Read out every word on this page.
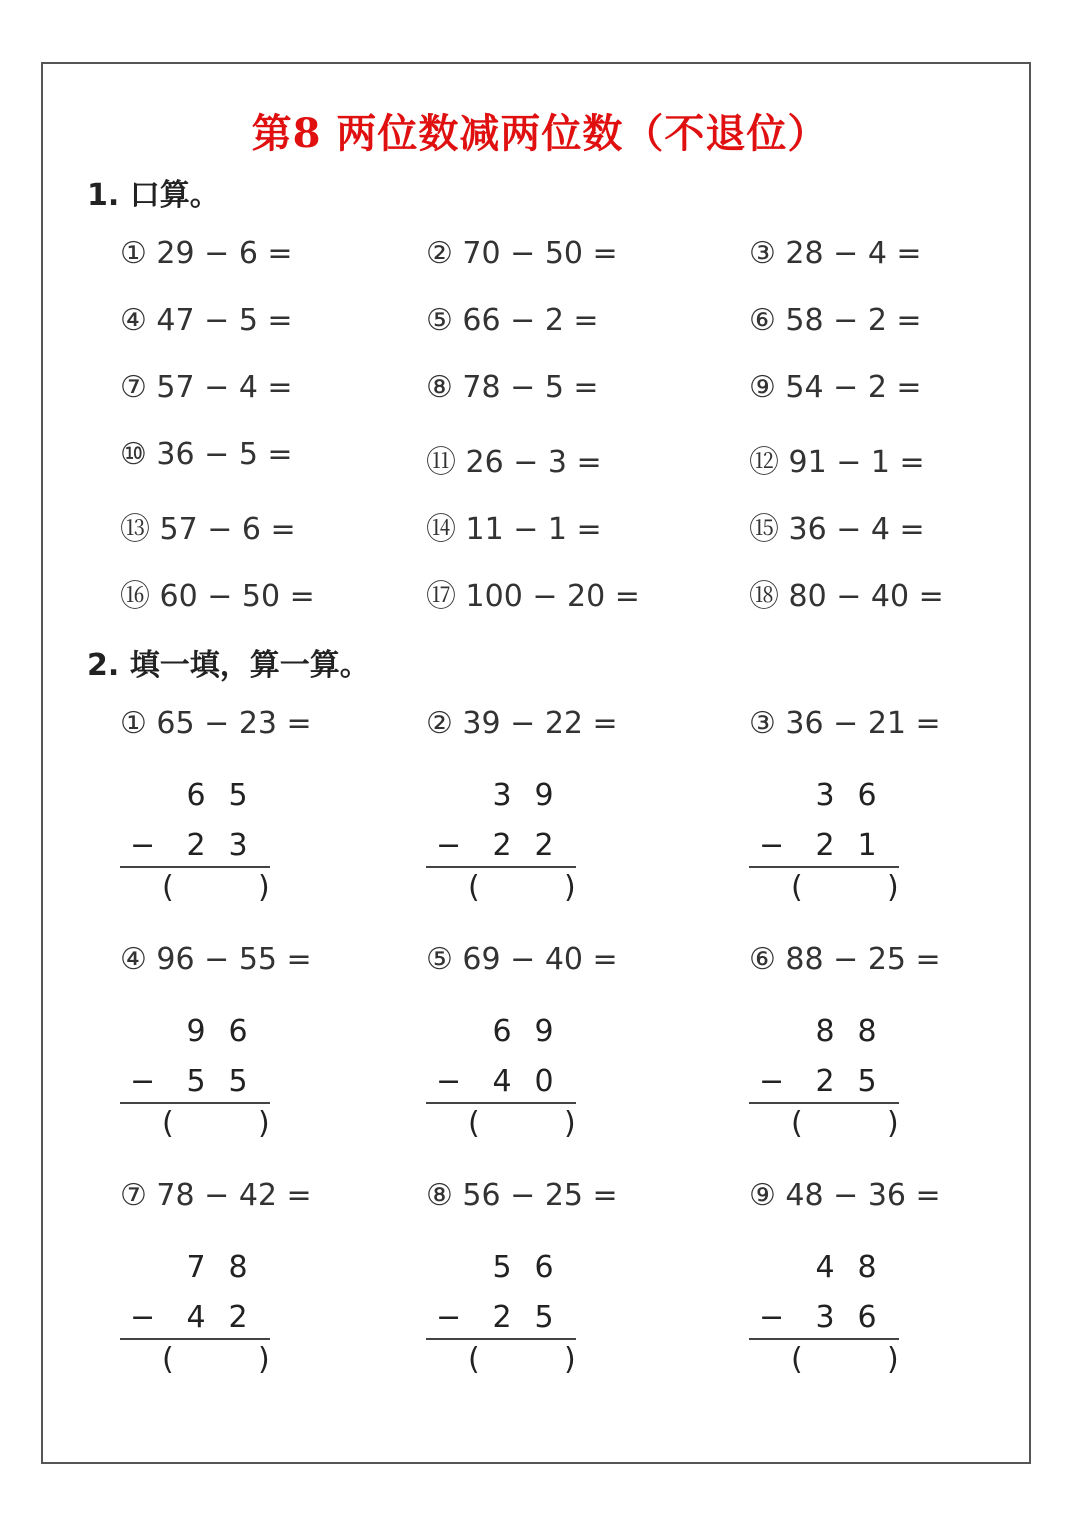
第8 两位数减两位数（不退位）
1. 口算。
① 29 − 6 =	② 70 − 50 =	③ 28 − 4 =
④ 47 − 5 =	⑤ 66 − 2 =	⑥ 58 − 2 =
⑦ 57 − 4 =	⑧ 78 − 5 =	⑨ 54 − 2 =
⑩ 36 − 5 =	⑪ 26 − 3 =	⑫ 91 − 1 =
⑬ 57 − 6 =	⑭ 11 − 1 =	⑮ 36 − 4 =
⑯ 60 − 50 =	⑰ 100 − 20 =	⑱ 80 − 40 =
2. 填一填，算一算。
① 65 − 23 =
6 5
2 3
−
(	)
② 39 − 22 =
3 9
2 2
−
(	)
③ 36 − 21 =
3 6
2 1
−
(	)
④ 96 − 55 =
9 6
5 5
−
(	)
⑤ 69 − 40 =
6 9
4 0
−
(	)
⑥ 88 − 25 =
8 8
2 5
−
(	)
⑦ 78 − 42 =
7 8
4 2
−
(	)
⑧ 56 − 25 =
5 6
2 5
−
(	)
⑨ 48 − 36 =
4 8
3 6
−
(	)
